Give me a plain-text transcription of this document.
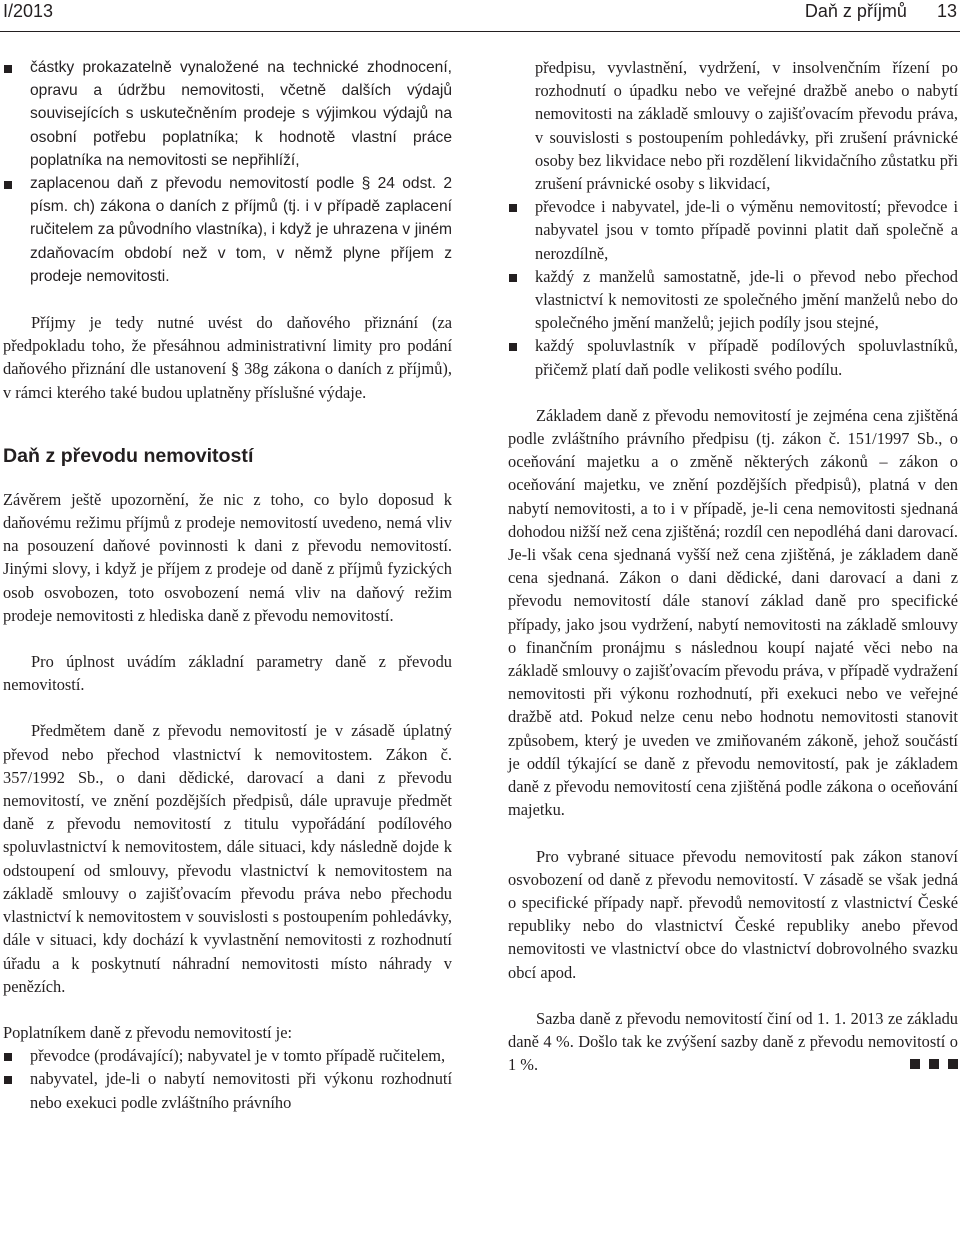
I/2013	Daň z příjmů 13
částky prokazatelně vynaložené na technické zhodnocení, opravu a údržbu nemovitosti, včetně dalších výdajů souvisejících s uskutečněním prodeje s výjimkou výdajů na osobní potřebu poplatníka; k hodnotě vlastní práce poplatníka na nemovitosti se nepřihlíží,
zaplacenou daň z převodu nemovitostí podle § 24 odst. 2 písm. ch) zákona o daních z příjmů (tj. i v případě zaplacení ručitelem za původního vlastníka), i když je uhrazena v jiném zdaňovacím období než v tom, v němž plyne příjem z prodeje nemovitosti.

Příjmy je tedy nutné uvést do daňového přiznání (za předpokladu toho, že přesáhnou administrativní limity pro podání daňového přiznání dle ustanovení § 38g zákona o daních z příjmů), v rámci kterého také budou uplatněny příslušné výdaje.

Daň z převodu nemovitostí

Závěrem ještě upozornění, že nic z toho, co bylo doposud k daňovému režimu příjmů z prodeje nemovitostí uvedeno, nemá vliv na posouzení daňové povinnosti k dani z převodu nemovitostí. Jinými slovy, i když je příjem z prodeje od daně z příjmů fyzických osob osvobozen, toto osvobození nemá vliv na daňový režim prodeje nemovitosti z hlediska daně z převodu nemovitostí.

Pro úplnost uvádím základní parametry daně z převodu nemovitostí.

Předmětem daně z převodu nemovitostí je v zásadě úplatný převod nebo přechod vlastnictví k nemovitostem. Zákon č. 357/1992 Sb., o dani dědické, darovací a dani z převodu nemovitostí, ve znění pozdějších předpisů, dále upravuje předmět daně z převodu nemovitostí z titulu vypořádání podílového spoluvlastnictví k nemovitostem, dále situaci, kdy následně dojde k odstoupení od smlouvy, převodu vlastnictví k nemovitostem na základě smlouvy o zajišťovacím převodu práva nebo přechodu vlastnictví k nemovitostem v souvislosti s postoupením pohledávky, dále v situaci, kdy dochází k vyvlastnění nemovitosti z rozhodnutí úřadu a k poskytnutí náhradní nemovitosti místo náhrady v penězích.

Poplatníkem daně z převodu nemovitostí je:

převodce (prodávající); nabyvatel je v tomto případě ručitelem,
nabyvatel, jde-li o nabytí nemovitosti při výkonu rozhodnutí nebo exekuci podle zvláštního právního
předpisu, vyvlastnění, vydržení, v insolvenčním řízení po rozhodnutí o úpadku nebo ve veřejné dražbě anebo o nabytí nemovitosti na základě smlouvy o zajišťovacím převodu práva, v souvislosti s postoupením pohledávky, při zrušení právnické osoby bez likvidace nebo při rozdělení likvidačního zůstatku při zrušení právnické osoby s likvidací,
převodce i nabyvatel, jde-li o výměnu nemovitostí; převodce i nabyvatel jsou v tomto případě povinni platit daň společně a nerozdílně,
každý z manželů samostatně, jde-li o převod nebo přechod vlastnictví k nemovitosti ze společného jmění manželů nebo do společného jmění manželů; jejich podíly jsou stejné,
každý spoluvlastník v případě podílových spoluvlastníků, přičemž platí daň podle velikosti svého podílu.

Základem daně z převodu nemovitostí je zejména cena zjištěná podle zvláštního právního předpisu (tj. zákon č. 151/1997 Sb., o oceňování majetku a o změně některých zákonů – zákon o oceňování majetku, ve znění pozdějších předpisů), platná v den nabytí nemovitosti, a to i v případě, je-li cena nemovitosti sjednaná dohodou nižší než cena zjištěná; rozdíl cen nepodléhá dani darovací. Je-li však cena sjednaná vyšší než cena zjištěná, je základem daně cena sjednaná. Zákon o dani dědické, dani darovací a dani z převodu nemovitostí dále stanoví základ daně pro specifické případy, jako jsou vydržení, nabytí nemovitosti na základě smlouvy o finančním pronájmu s následnou koupí najaté věci nebo na základě smlouvy o zajišťovacím převodu práva, v případě vydražení nemovitosti při výkonu rozhodnutí, při exekuci nebo ve veřejné dražbě atd. Pokud nelze cenu nebo hodnotu nemovitosti stanovit způsobem, který je uveden ve zmiňovaném zákoně, jehož součástí je oddíl týkající se daně z převodu nemovitostí, pak je základem daně z převodu nemovitostí cena zjištěná podle zákona o oceňování majetku.

Pro vybrané situace převodu nemovitostí pak zákon stanoví osvobození od daně z převodu nemovitostí. V zásadě se však jedná o specifické případy např. převodů nemovitostí z vlastnictví České republiky nebo do vlastnictví České republiky anebo převod nemovitosti ve vlastnictví obce do vlastnictví dobrovolného svazku obcí apod.

Sazba daně z převodu nemovitostí činí od 1. 1. 2013 ze základu daně 4 %. Došlo tak ke zvýšení sazby daně z převodu nemovitostí o 1 %.
